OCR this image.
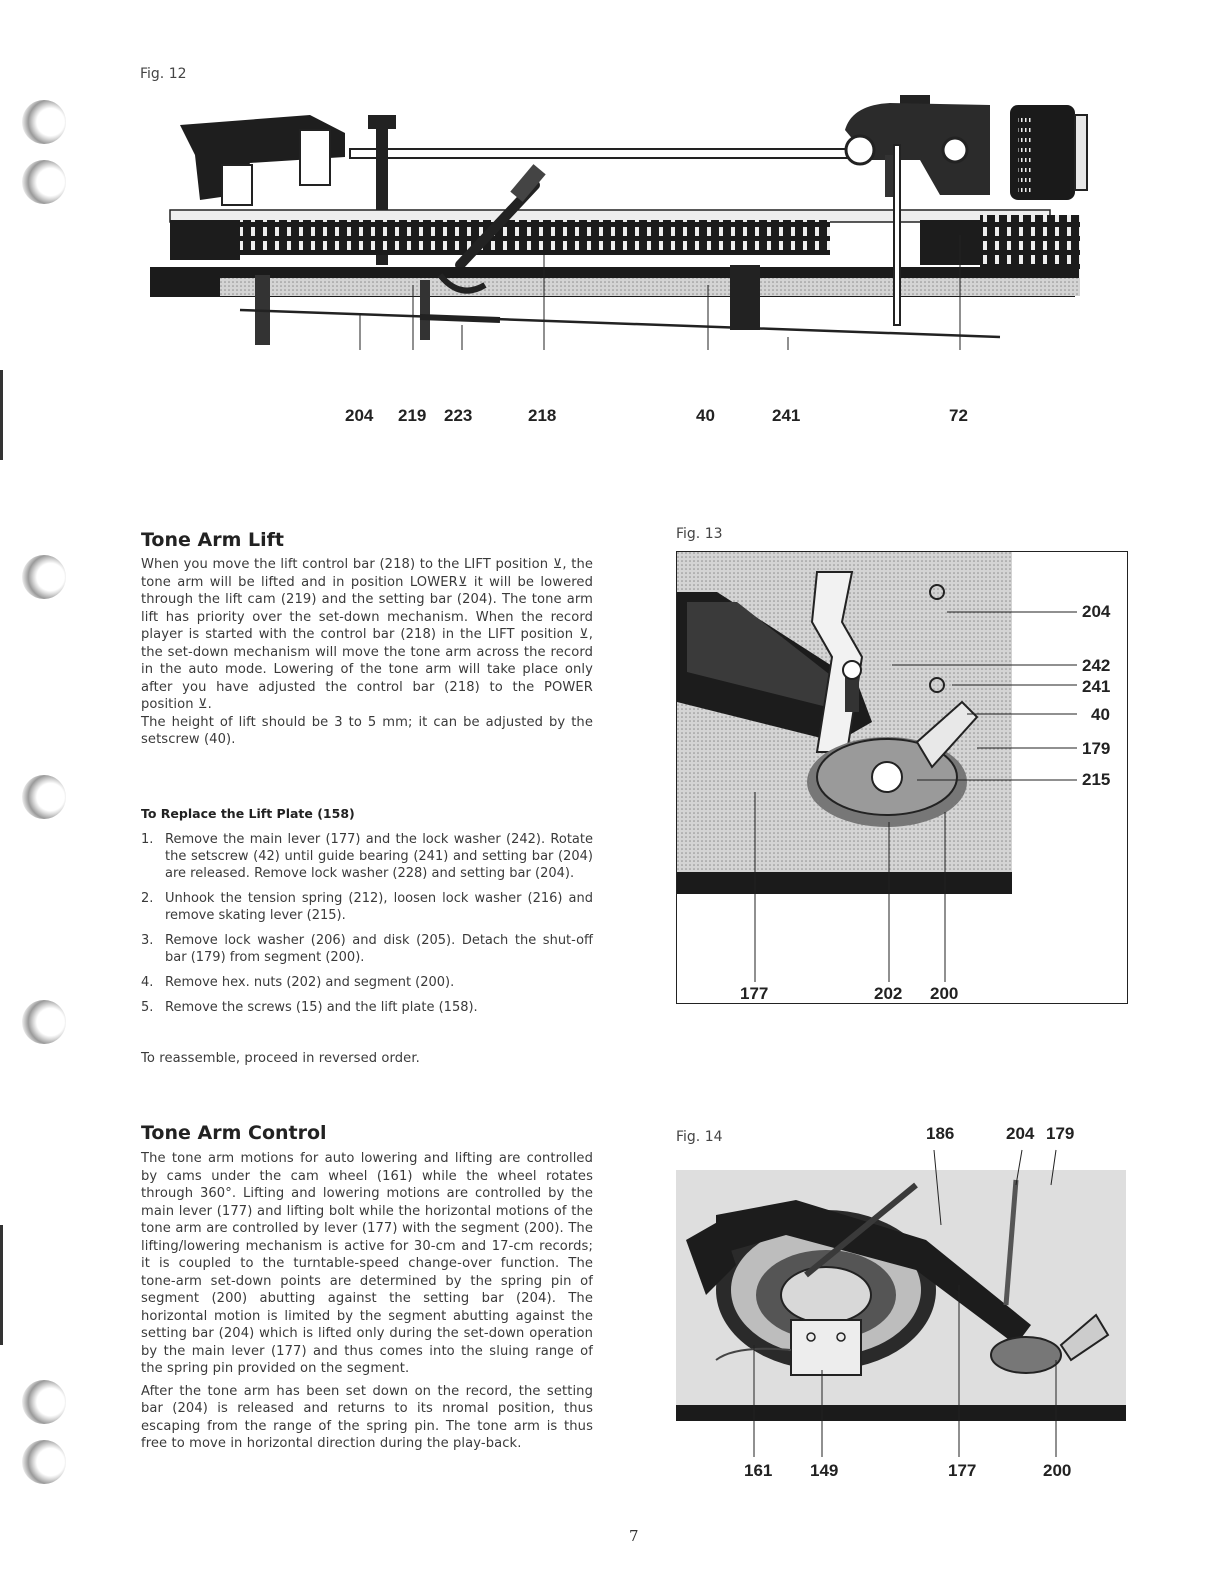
Fig. 12
204 219 223	218	40	241	72
Tone Arm Lift

When you move the lift control bar (218) to the LIFT position ⊻, the tone arm will be lifted and in position LOWER⊻ it will be lowered through the lift cam (219) and the setting bar (204). The tone arm lift has priority over the set-down mechanism. When the record player is started with the control bar (218) in the LIFT position ⊻, the set-down mechanism will move the tone arm across the record in the auto mode. Lowering of the tone arm will take place only after you have adjusted the control bar (218) to the POWER position ⊻.

The height of lift should be 3 to 5 mm; it can be adjusted by the setscrew (40).

To Replace the Lift Plate (158)
1. Remove the main lever (177) and the lock washer (242). Rotate the setscrew (42) until guide bearing (241) and setting bar (204) are released. Remove lock washer (228) and setting bar (204).
2. Unhook the tension spring (212), loosen lock washer (216) and remove skating lever (215).
3. Remove lock washer (206) and disk (205). Detach the shut-off bar (179) from segment (200).
4. Remove hex. nuts (202) and segment (200).
5. Remove the screws (15) and the lift plate (158).
To reassemble, proceed in reversed order.
Fig. 13
204
242
241
40
179
215
177	202 200
Tone Arm Control

The tone arm motions for auto lowering and lifting are controlled by cams under the cam wheel (161) while the wheel rotates through 360°. Lifting and lowering motions are controlled by the main lever (177) and lifting bolt while the horizontal motions of the tone arm are controlled by lever (177) with the segment (200). The lifting/lowering mechanism is active for 30-cm and 17-cm records; it is coupled to the turntable-speed change-over function. The tone-arm set-down points are determined by the spring pin of segment (200) abutting against the setting bar (204). The horizontal motion is limited by the segment abutting against the setting bar (204) which is lifted only during the set-down operation by the main lever (177) and thus comes into the sluing range of the spring pin provided on the segment.

After the tone arm has been set down on the record, the setting bar (204) is released and returns to its nromal position, thus escaping from the range of the spring pin. The tone arm is thus free to move in horizontal direction during the play-back.

Fig. 14	186	204 179
161 149	177	200
7
